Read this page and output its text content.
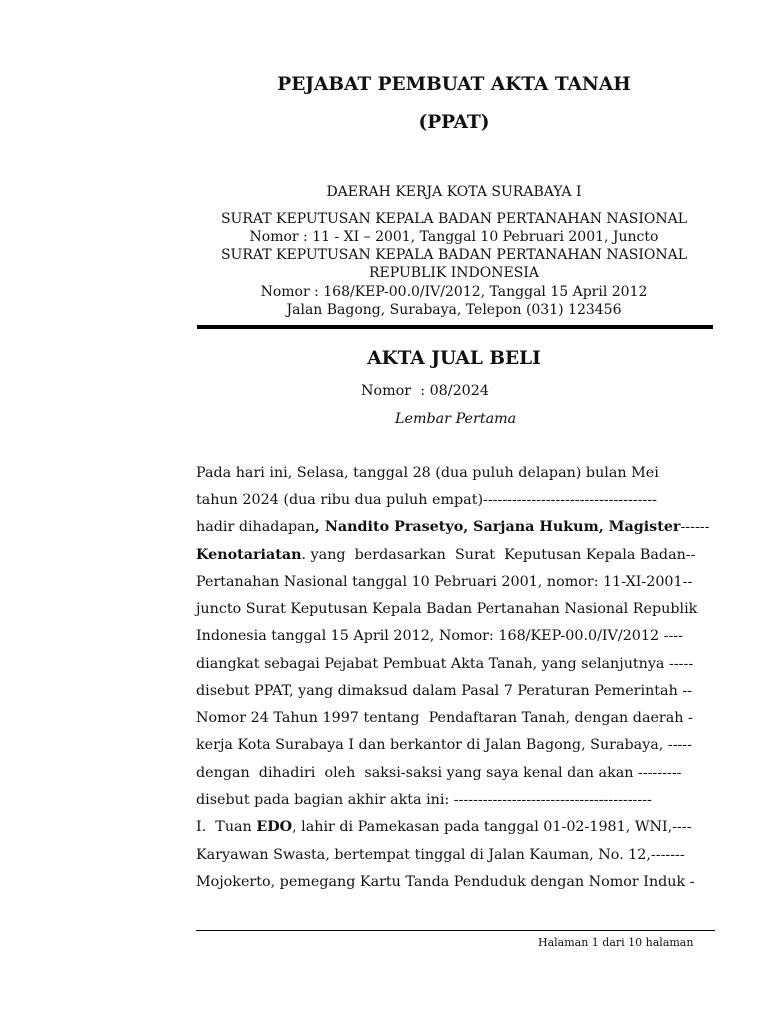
PEJABAT PEMBUAT AKTA TANAH
(PPAT)
DAERAH KERJA KOTA SURABAYA I
SURAT KEPUTUSAN KEPALA BADAN PERTANAHAN NASIONAL
Nomor : 11 - XI – 2001, Tanggal 10 Pebruari 2001, Juncto
SURAT KEPUTUSAN KEPALA BADAN PERTANAHAN NASIONAL
REPUBLIK INDONESIA
Nomor : 168/KEP-00.0/IV/2012, Tanggal 15 April 2012
Jalan Bagong, Surabaya, Telepon (031) 123456
AKTA JUAL BELI
Nomor  : 08/2024
Lembar Pertama
Pada hari ini, Selasa, tanggal 28 (dua puluh delapan) bulan Mei
tahun 2024 (dua ribu dua puluh empat)------------------------------------
hadir dihadapan, Nandito Prasetyo, Sarjana Hukum, Magister------
Kenotariatan. yang  berdasarkan  Surat  Keputusan Kepala Badan--
Pertanahan Nasional tanggal 10 Pebruari 2001, nomor: 11-XI-2001--
juncto Surat Keputusan Kepala Badan Pertanahan Nasional Republik
Indonesia tanggal 15 April 2012, Nomor: 168/KEP-00.0/IV/2012 ----
diangkat sebagai Pejabat Pembuat Akta Tanah, yang selanjutnya -----
disebut PPAT, yang dimaksud dalam Pasal 7 Peraturan Pemerintah --
Nomor 24 Tahun 1997 tentang  Pendaftaran Tanah, dengan daerah -
kerja Kota Surabaya I dan berkantor di Jalan Bagong, Surabaya, -----
dengan  dihadiri  oleh  saksi-saksi yang saya kenal dan akan ---------
disebut pada bagian akhir akta ini: -----------------------------------------
I.  Tuan EDO, lahir di Pamekasan pada tanggal 01-02-1981, WNI,----
Karyawan Swasta, bertempat tinggal di Jalan Kauman, No. 12,-------
Mojokerto, pemegang Kartu Tanda Penduduk dengan Nomor Induk -
Halaman 1 dari 10 halaman
